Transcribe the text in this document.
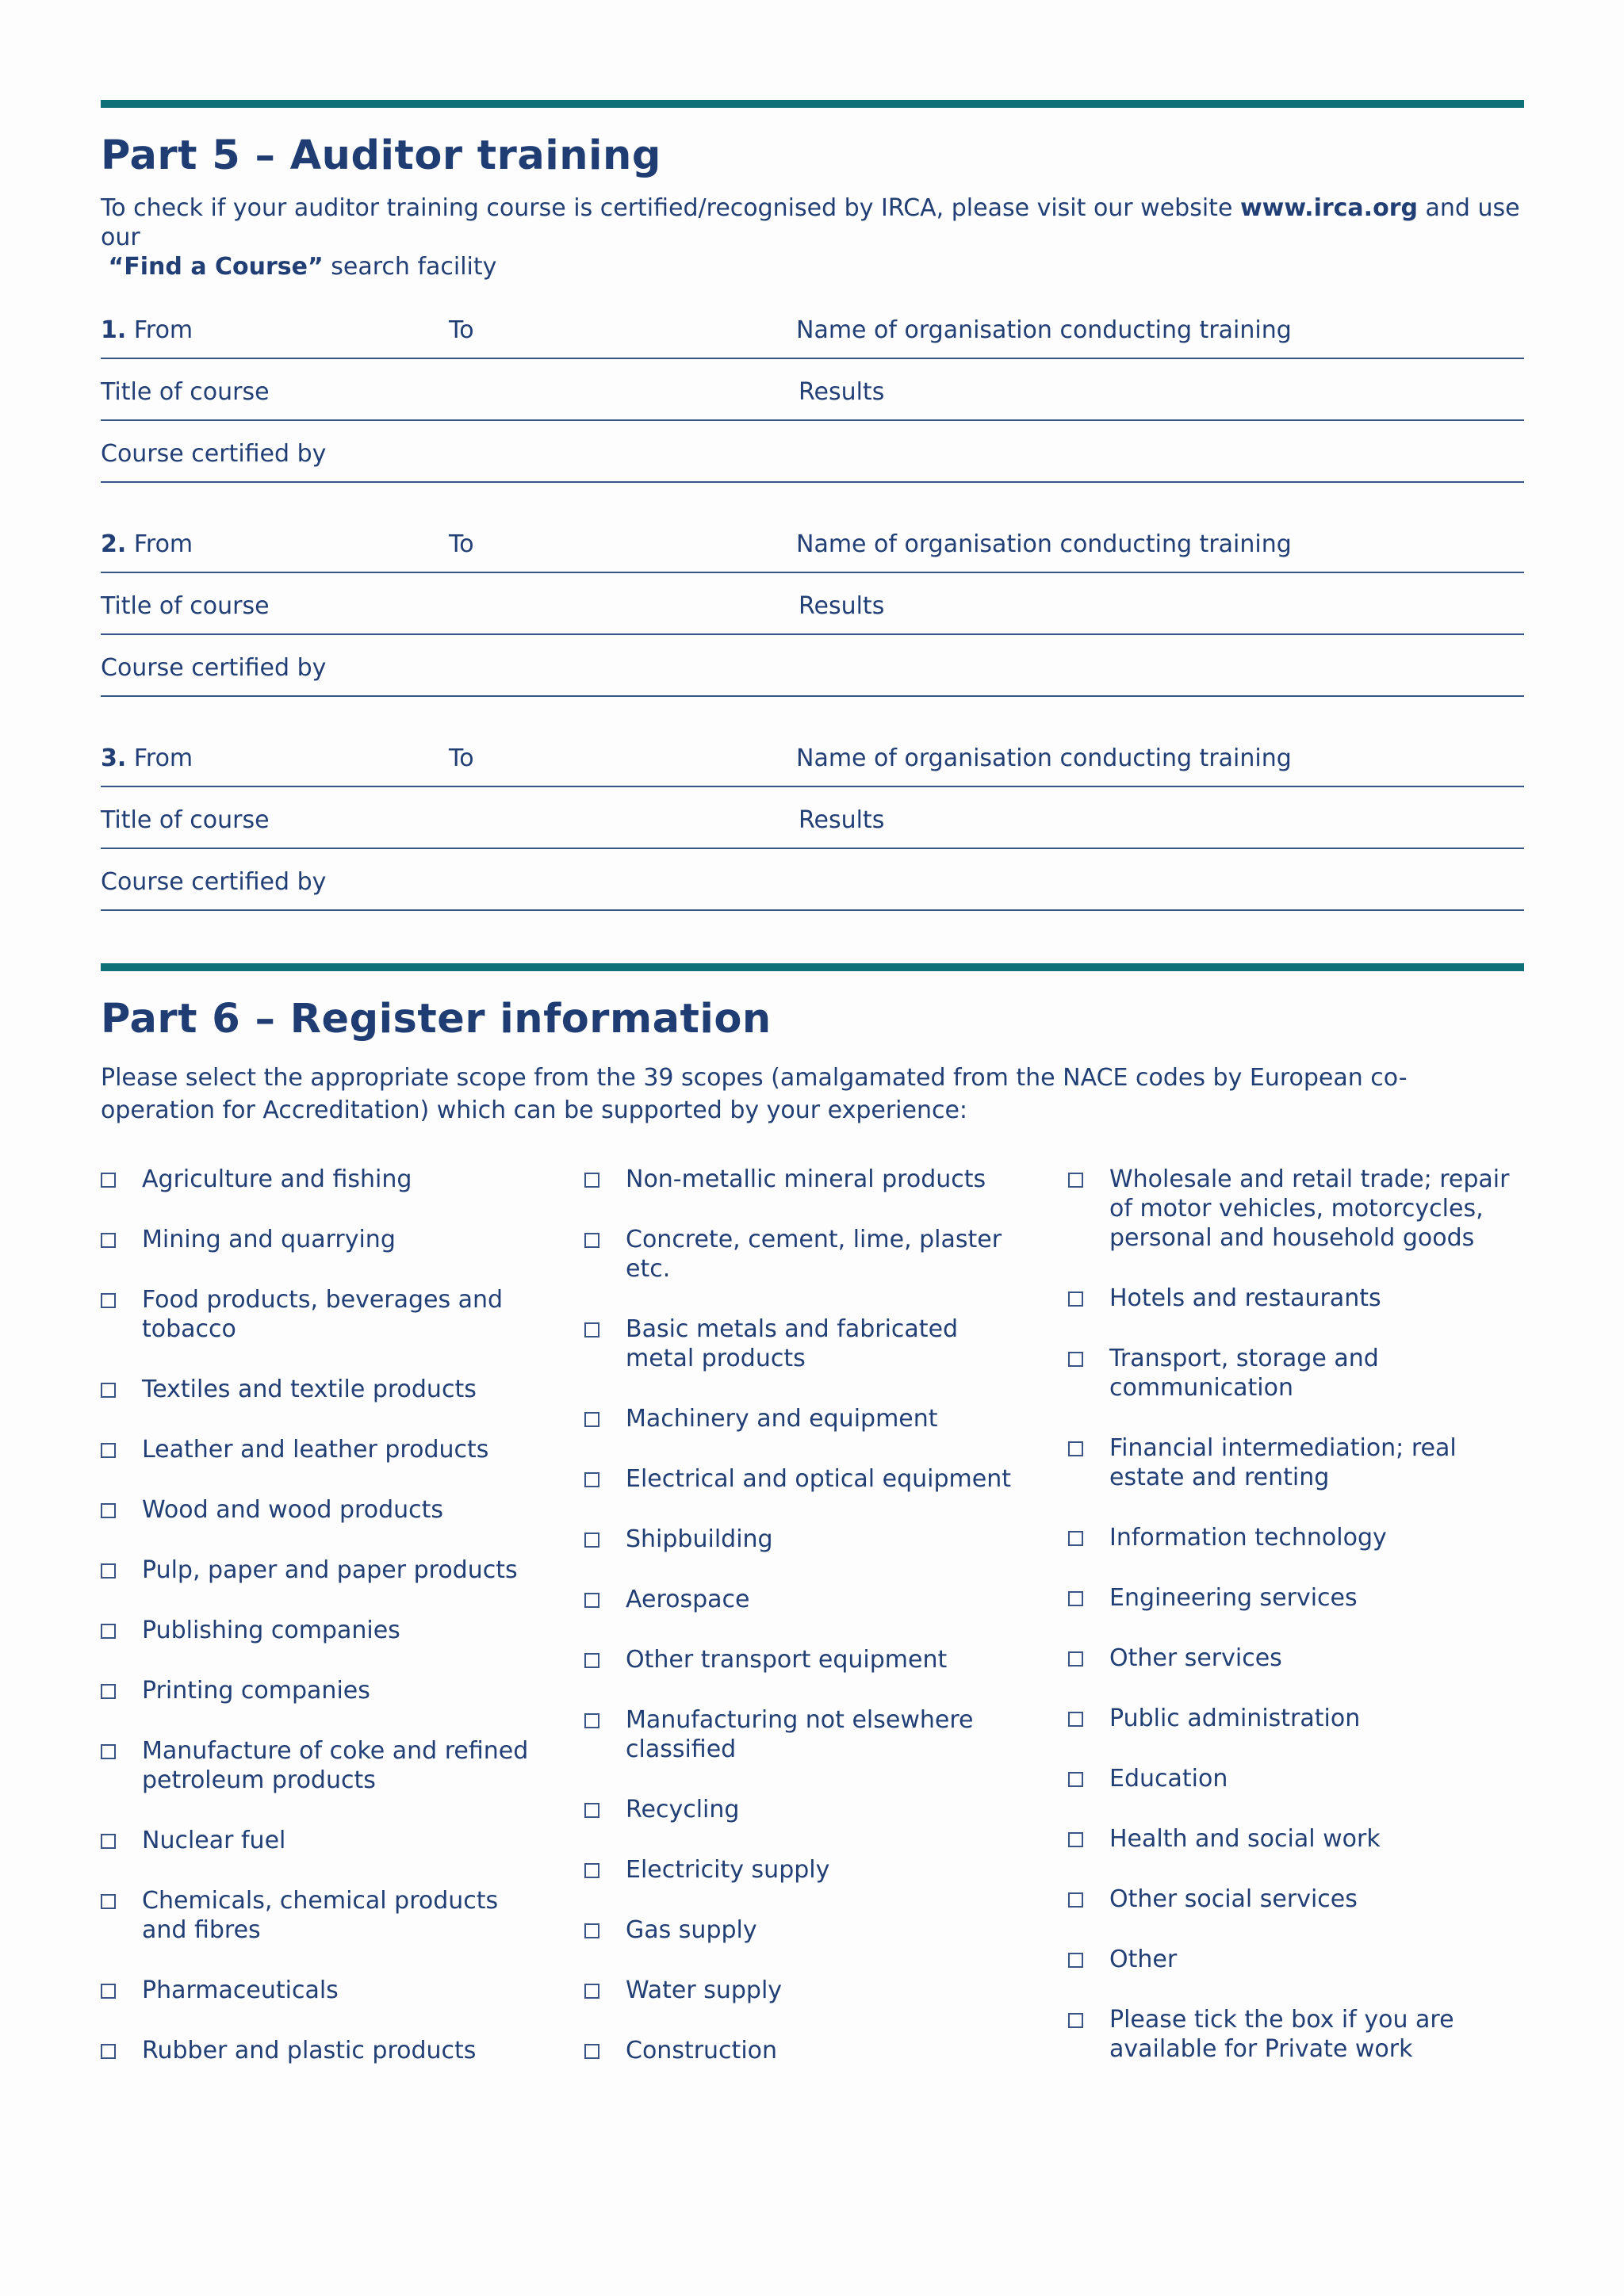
Part 5 – Auditor training
To check if your auditor training course is certified/recognised by IRCA, please visit our website www.irca.org and use our
“Find a Course” search facility
1. From	To	Name of organisation conducting training
Title of course	Results
Course certified by
2. From	To	Name of organisation conducting training
Title of course	Results
Course certified by
3. From	To	Name of organisation conducting training
Title of course	Results
Course certified by
Part 6 – Register information
Please select the appropriate scope from the 39 scopes (amalgamated from the NACE codes by European co-operation for Accreditation) which can be supported by your experience:
Agriculture and fishing
Mining and quarrying
Food products, beverages and tobacco
Textiles and textile products
Leather and leather products
Wood and wood products
Pulp, paper and paper products
Publishing companies
Printing companies
Manufacture of coke and refined petroleum products
Nuclear fuel
Chemicals, chemical products and fibres
Pharmaceuticals
Rubber and plastic products
Non-metallic mineral products
Concrete, cement, lime, plaster etc.
Basic metals and fabricated metal products
Machinery and equipment
Electrical and optical equipment
Shipbuilding
Aerospace
Other transport equipment
Manufacturing not elsewhere classified
Recycling
Electricity supply
Gas supply
Water supply
Construction
Wholesale and retail trade; repair of motor vehicles, motorcycles, personal and household goods
Hotels and restaurants
Transport, storage and communication
Financial intermediation; real estate and renting
Information technology
Engineering services
Other services
Public administration
Education
Health and social work
Other social services
Other
Please tick the box if you are available for Private work
